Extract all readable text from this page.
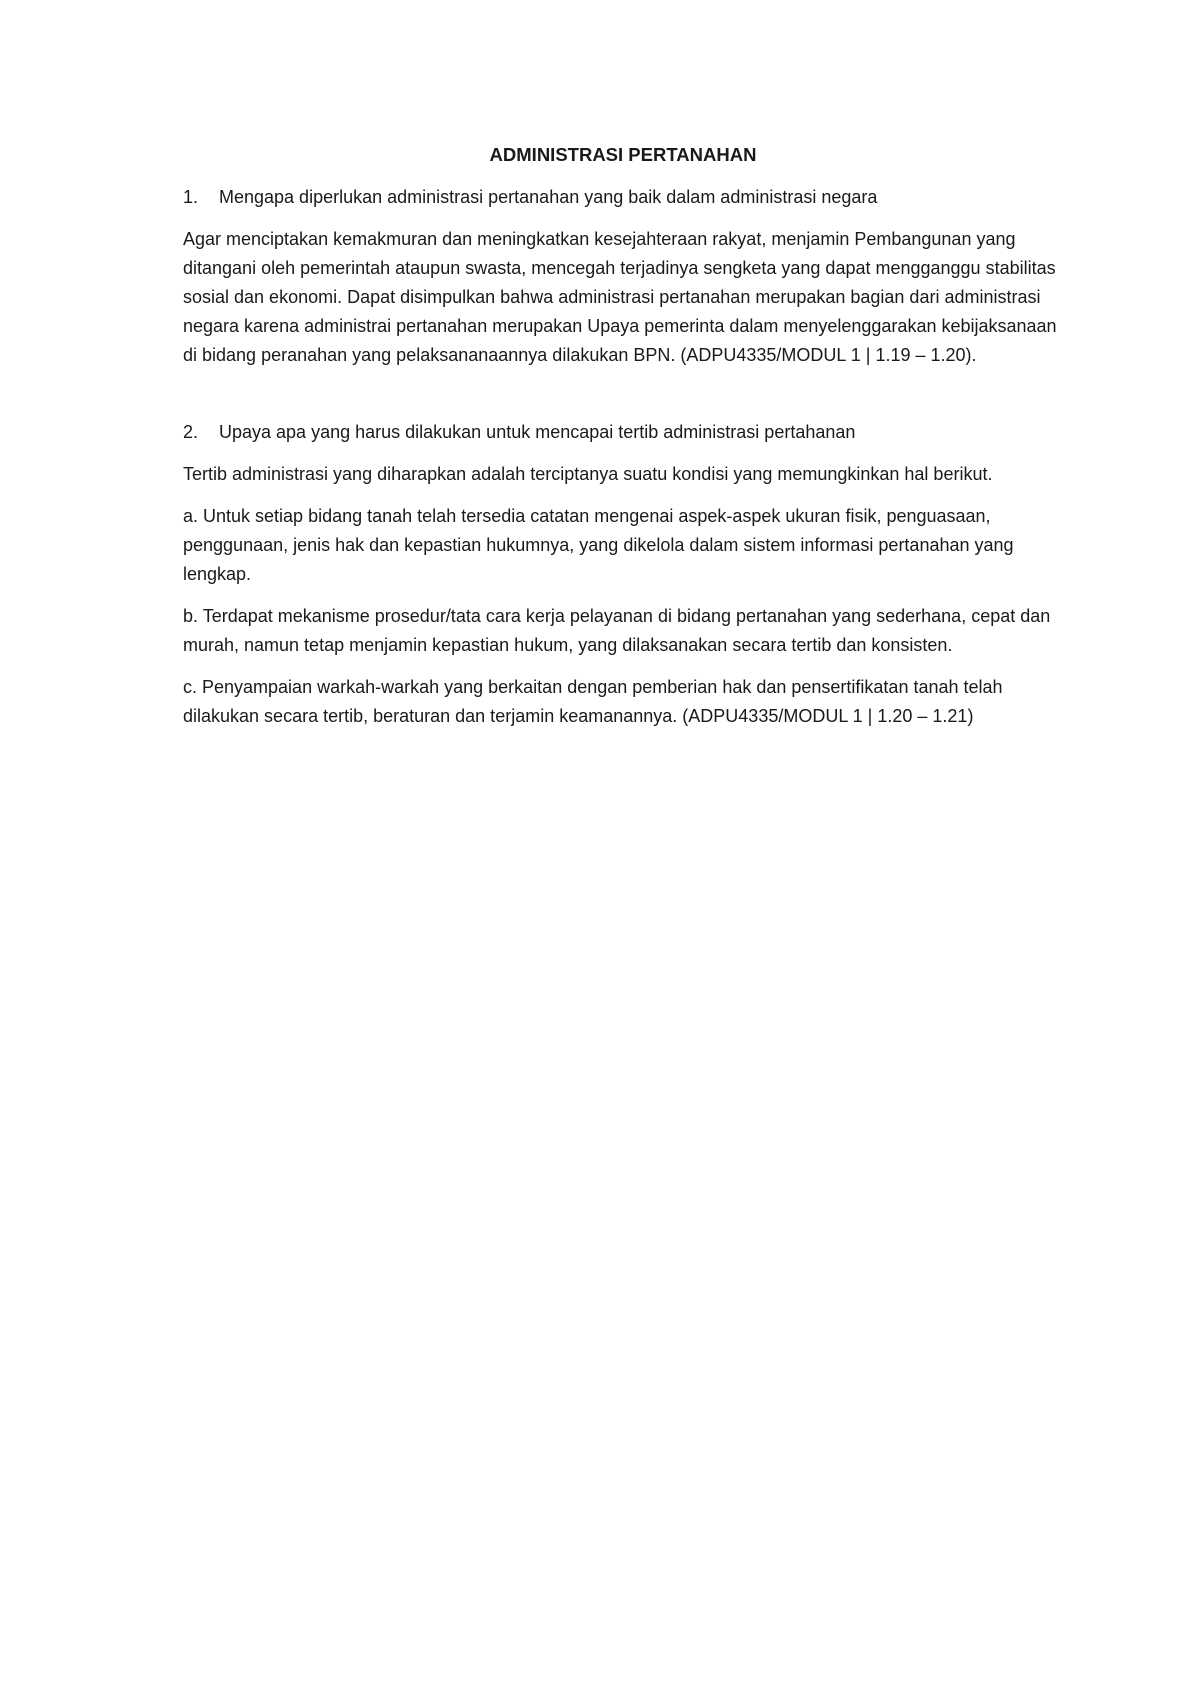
ADMINISTRASI PERTANAHAN
1.	Mengapa diperlukan administrasi pertanahan yang baik dalam administrasi negara

Agar menciptakan kemakmuran dan meningkatkan kesejahteraan rakyat, menjamin Pembangunan yang ditangani oleh pemerintah ataupun swasta, mencegah terjadinya sengketa yang dapat mengganggu stabilitas sosial dan ekonomi. Dapat disimpulkan bahwa administrasi pertanahan merupakan bagian dari administrasi negara karena administrai pertanahan merupakan Upaya pemerinta dalam menyelenggarakan kebijaksanaan di bidang peranahan yang pelaksananaannya dilakukan BPN. (ADPU4335/MODUL 1 | 1.19 – 1.20).

2.	Upaya apa yang harus dilakukan untuk mencapai tertib administrasi pertahanan

Tertib administrasi yang diharapkan adalah terciptanya suatu kondisi yang memungkinkan hal berikut.

a. Untuk setiap bidang tanah telah tersedia catatan mengenai aspek-aspek ukuran fisik, penguasaan, penggunaan, jenis hak dan kepastian hukumnya, yang dikelola dalam sistem informasi pertanahan yang lengkap.

b. Terdapat mekanisme prosedur/tata cara kerja pelayanan di bidang pertanahan yang sederhana, cepat dan murah, namun tetap menjamin kepastian hukum, yang dilaksanakan secara tertib dan konsisten.

c. Penyampaian warkah-warkah yang berkaitan dengan pemberian hak dan pensertifikatan tanah telah dilakukan secara tertib, beraturan dan terjamin keamanannya. (ADPU4335/MODUL 1 | 1.20 – 1.21)
